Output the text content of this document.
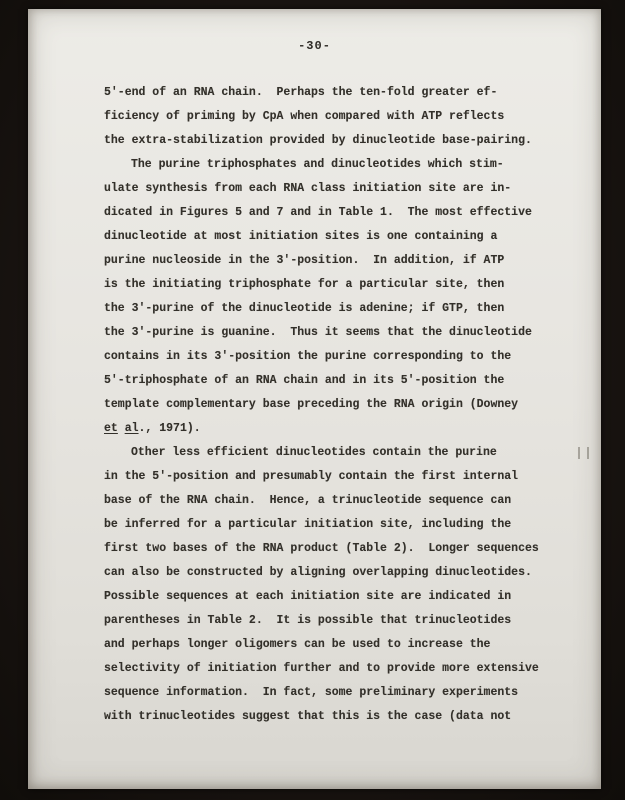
-30-
5'-end of an RNA chain.  Perhaps the ten-fold greater ef-
ficiency of priming by CpA when compared with ATP reflects
the extra-stabilization provided by dinucleotide base-pairing.
The purine triphosphates and dinucleotides which stim-
ulate synthesis from each RNA class initiation site are in-
dicated in Figures 5 and 7 and in Table 1.  The most effective
dinucleotide at most initiation sites is one containing a
purine nucleoside in the 3'-position.  In addition, if ATP
is the initiating triphosphate for a particular site, then
the 3'-purine of the dinucleotide is adenine; if GTP, then
the 3'-purine is guanine.  Thus it seems that the dinucleotide
contains in its 3'-position the purine corresponding to the
5'-triphosphate of an RNA chain and in its 5'-position the
template complementary base preceding the RNA origin (Downey
et al., 1971).
Other less efficient dinucleotides contain the purine
in the 5'-position and presumably contain the first internal
base of the RNA chain.  Hence, a trinucleotide sequence can
be inferred for a particular initiation site, including the
first two bases of the RNA product (Table 2).  Longer sequences
can also be constructed by aligning overlapping dinucleotides.
Possible sequences at each initiation site are indicated in
parentheses in Table 2.  It is possible that trinucleotides
and perhaps longer oligomers can be used to increase the
selectivity of initiation further and to provide more extensive
sequence information.  In fact, some preliminary experiments
with trinucleotides suggest that this is the case (data not
